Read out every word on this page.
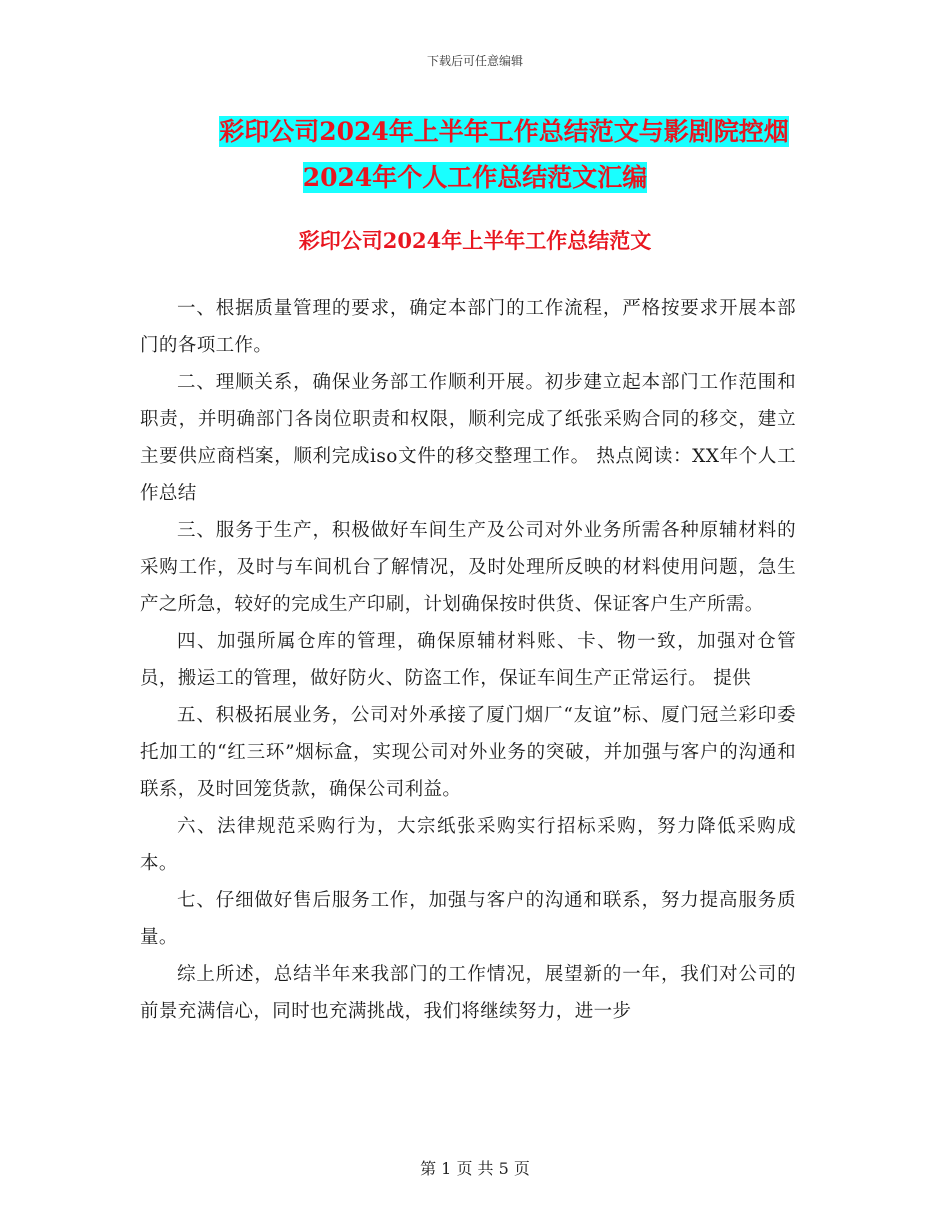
下载后可任意编辑
彩印公司2024年上半年工作总结范文与影剧院控烟
2024年个人工作总结范文汇编
彩印公司2024年上半年工作总结范文

一、根据质量管理的要求，确定本部门的工作流程，严格按要求开展本部门的各项工作。

二、理顺关系，确保业务部工作顺利开展。初步建立起本部门工作范围和职责，并明确部门各岗位职责和权限，顺利完成了纸张采购合同的移交，建立主要供应商档案，顺利完成iso文件的移交整理工作。 热点阅读：XX年个人工作总结

三、服务于生产，积极做好车间生产及公司对外业务所需各种原辅材料的采购工作，及时与车间机台了解情况，及时处理所反映的材料使用问题，急生产之所急，较好的完成生产印刷，计划确保按时供货、保证客户生产所需。

四、加强所属仓库的管理，确保原辅材料账、卡、物一致，加强对仓管员，搬运工的管理，做好防火、防盗工作，保证车间生产正常运行。 提供

五、积极拓展业务，公司对外承接了厦门烟厂“友谊”标、厦门冠兰彩印委托加工的“红三环”烟标盒，实现公司对外业务的突破，并加强与客户的沟通和联系，及时回笼货款，确保公司利益。

六、法律规范采购行为，大宗纸张采购实行招标采购，努力降低采购成本。

七、仔细做好售后服务工作，加强与客户的沟通和联系，努力提高服务质量。

综上所述，总结半年来我部门的工作情况，展望新的一年，我们对公司的前景充满信心，同时也充满挑战，我们将继续努力，进一步

第 1 页 共 5 页
